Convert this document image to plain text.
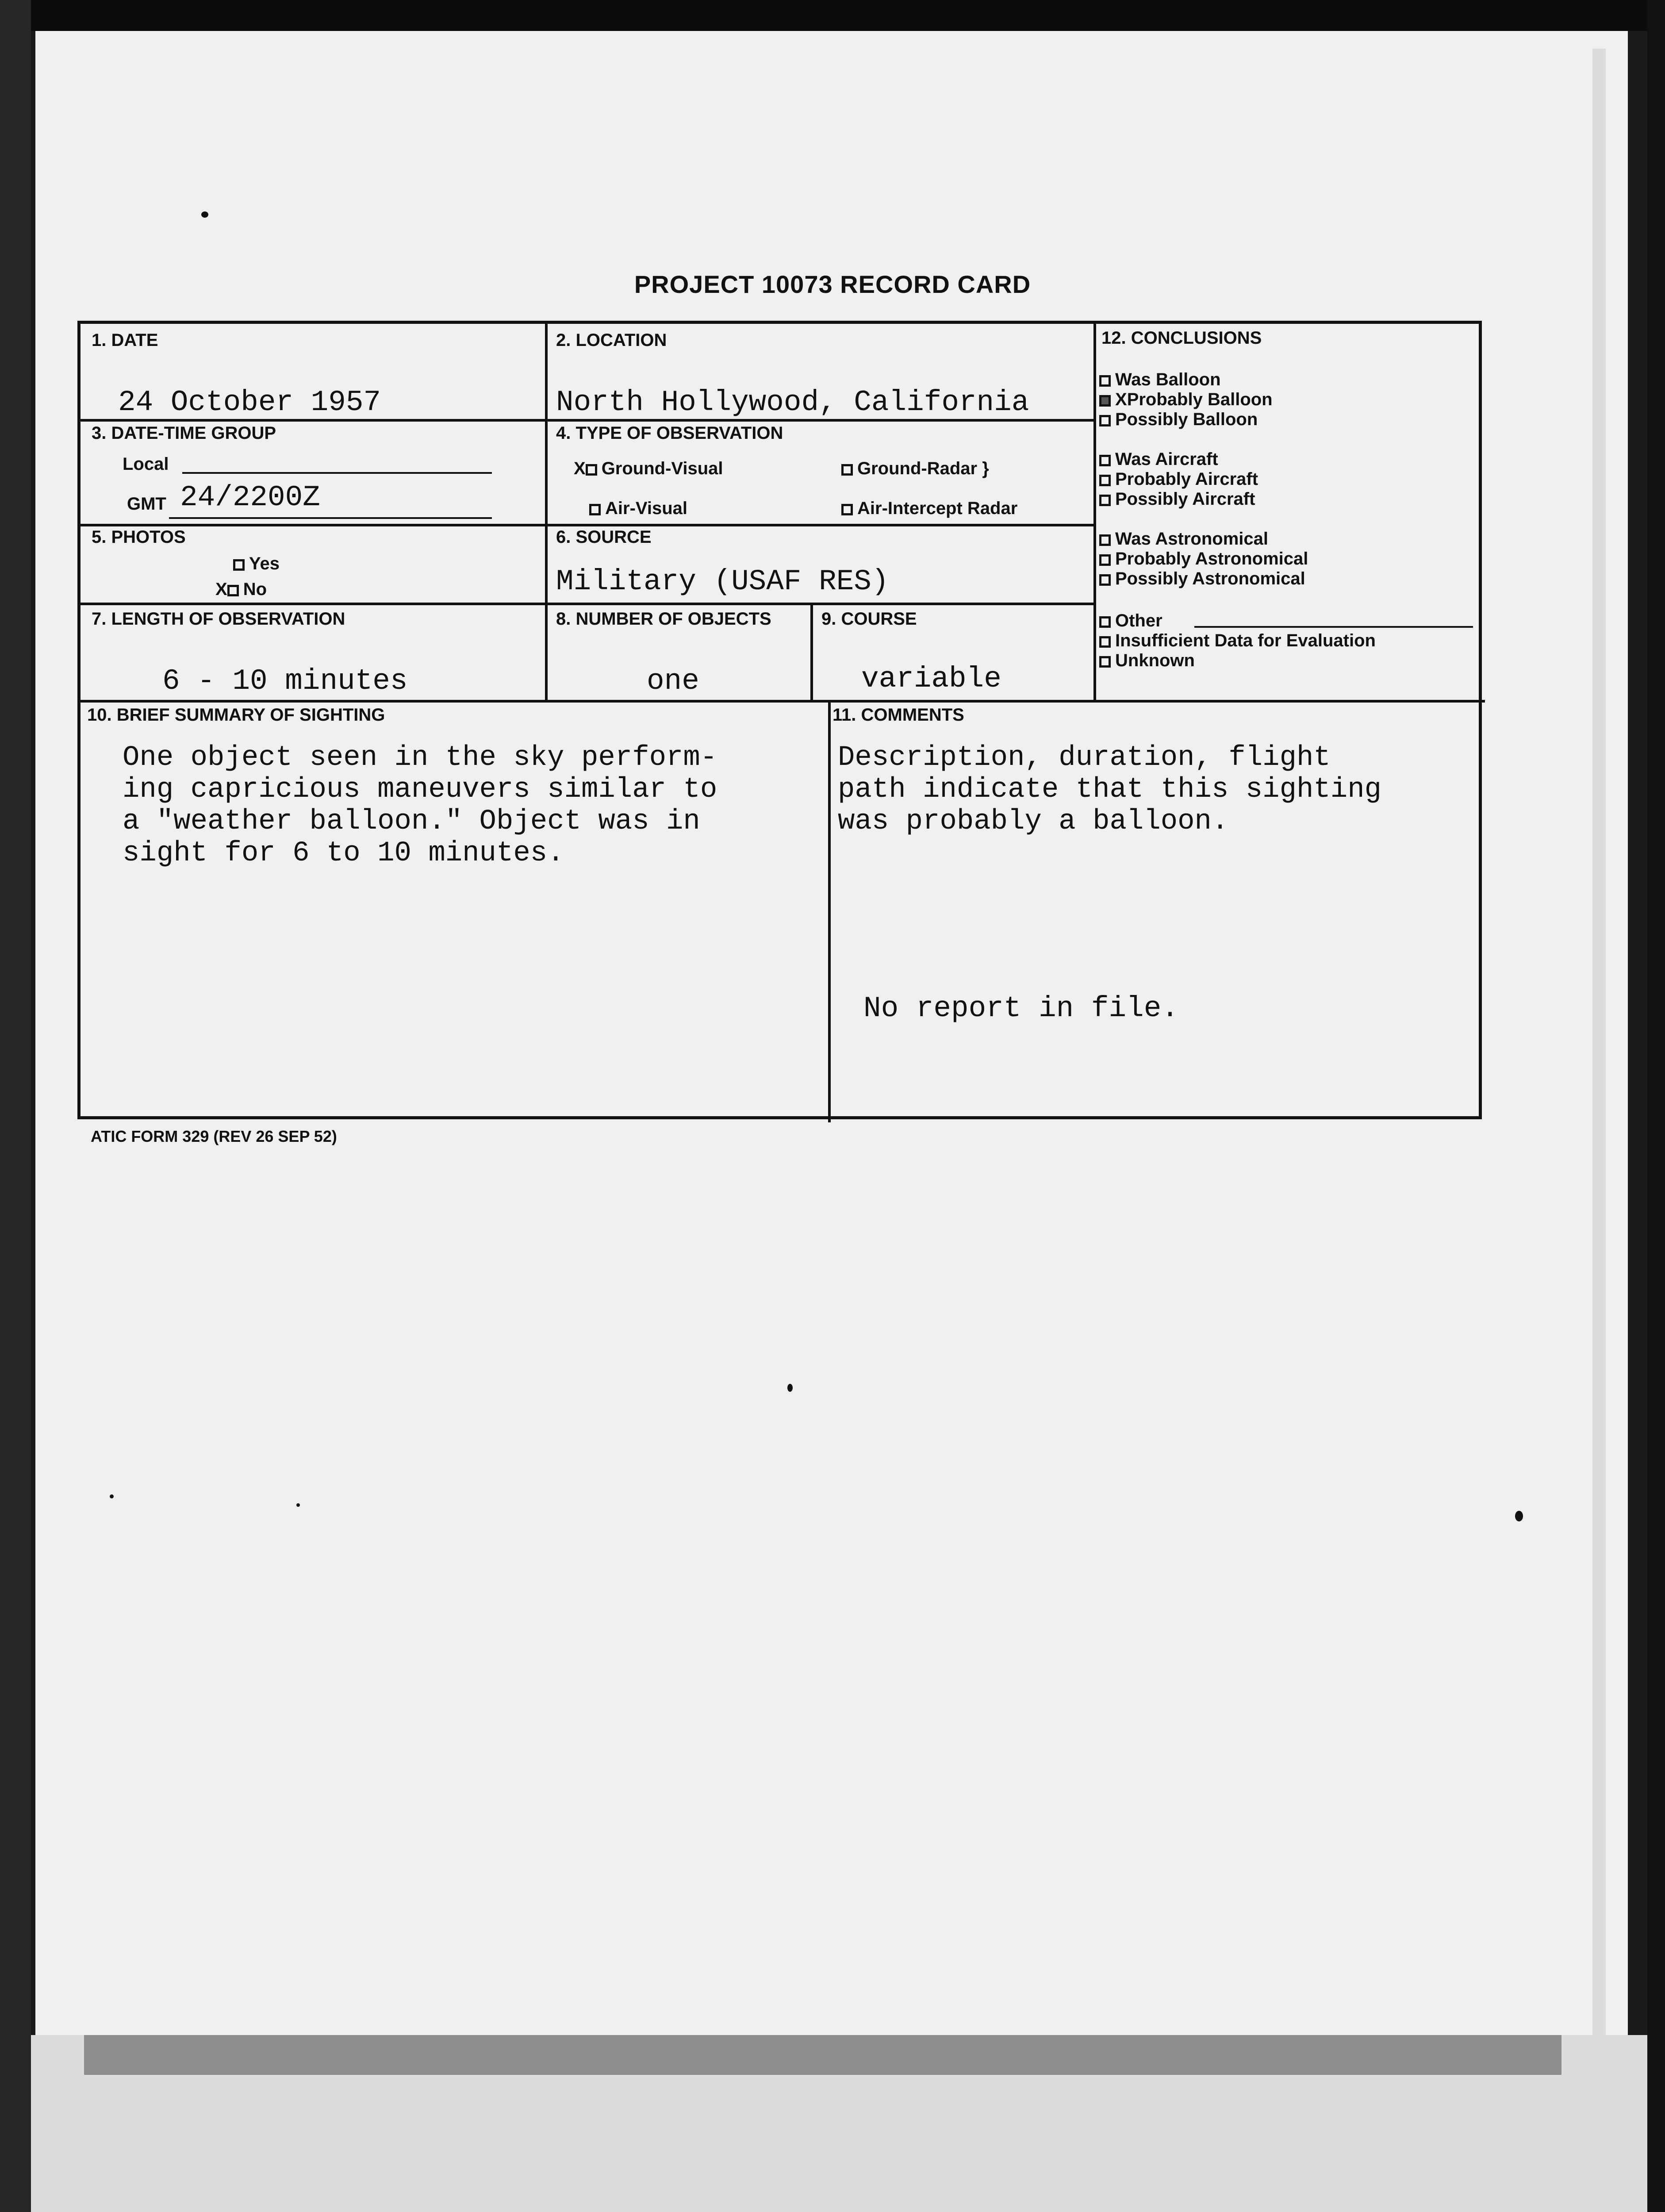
PROJECT 10073 RECORD CARD
1. DATE
24 October 1957
2. LOCATION
North Hollywood, California
3. DATE-TIME GROUP
Local
GMT 24/2200Z
4. TYPE OF OBSERVATION
X Ground-Visual	Ground-Radar }
Air-Visual	Air-Intercept Radar
5. PHOTOS
Yes
X No
6. SOURCE
Military (USAF RES)
7. LENGTH OF OBSERVATION
6 - 10 minutes
8. NUMBER OF OBJECTS
one
9. COURSE
variable
10. BRIEF SUMMARY OF SIGHTING
One object seen in the sky perform-
ing capricious maneuvers similar to
a "weather balloon." Object was in
sight for 6 to 10 minutes.
11. COMMENTS
Description, duration, flight
path indicate that this sighting
was probably a balloon.
No report in file.
12. CONCLUSIONS
Was Balloon
XProbably Balloon
Possibly Balloon
Was Aircraft
Probably Aircraft
Possibly Aircraft
Was Astronomical
Probably Astronomical
Possibly Astronomical
Other
Insufficient Data for Evaluation
Unknown
ATIC FORM 329 (REV 26 SEP 52)
